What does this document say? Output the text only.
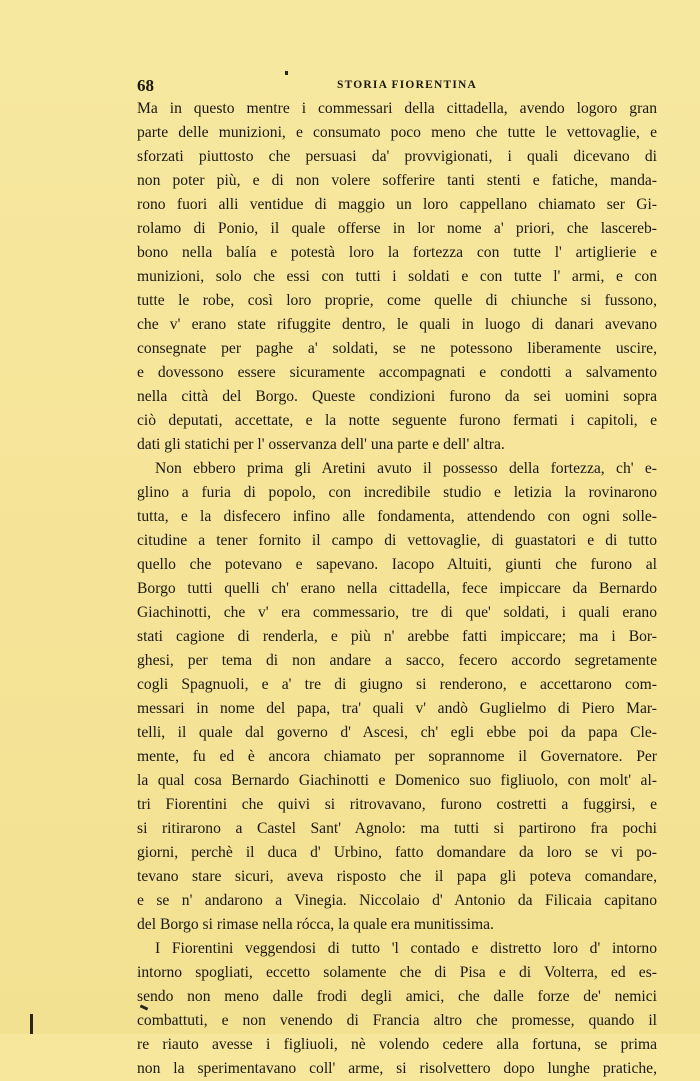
68	STORIA FIORENTINA
Ma in questo mentre i commessari della cittadella, avendo logoro gran
parte delle munizioni, e consumato poco meno che tutte le vettovaglie, e
sforzati piuttosto che persuasi da' provvigionati, i quali dicevano di
non poter più, e di non volere sofferire tanti stenti e fatiche, manda-
rono fuori alli ventidue di maggio un loro cappellano chiamato ser Gi-
rolamo di Ponio, il quale offerse in lor nome a' priori, che lascereb-
bono nella balía e potestà loro la fortezza con tutte l' artiglierie e
munizioni, solo che essi con tutti i soldati e con tutte l' armi, e con
tutte le robe, così loro proprie, come quelle di chiunche si fussono,
che v' erano state rifuggite dentro, le quali in luogo di danari avevano
consegnate per paghe a' soldati, se ne potessono liberamente uscire,
e dovessono essere sicuramente accompagnati e condotti a salvamento
nella città del Borgo. Queste condizioni furono da sei uomini sopra
ciò deputati, accettate, e la notte seguente furono fermati i capitoli, e
dati gli statichi per l' osservanza dell' una parte e dell' altra.
Non ebbero prima gli Aretini avuto il possesso della fortezza, ch' e-
glino a furia di popolo, con incredibile studio e letizia la rovinarono
tutta, e la disfecero infino alle fondamenta, attendendo con ogni solle-
citudine a tener fornito il campo di vettovaglie, di guastatori e di tutto
quello che potevano e sapevano. Iacopo Altuiti, giunti che furono al
Borgo tutti quelli ch' erano nella cittadella, fece impiccare da Bernardo
Giachinotti, che v' era commessario, tre di que' soldati, i quali erano
stati cagione di renderla, e più n' arebbe fatti impiccare; ma i Bor-
ghesi, per tema di non andare a sacco, fecero accordo segretamente
cogli Spagnuoli, e a' tre di giugno si renderono, e accettarono com-
messari in nome del papa, tra' quali v' andò Guglielmo di Piero Mar-
telli, il quale dal governo d' Ascesi, ch' egli ebbe poi da papa Cle-
mente, fu ed è ancora chiamato per soprannome il Governatore. Per
la qual cosa Bernardo Giachinotti e Domenico suo figliuolo, con molt' al-
tri Fiorentini che quivi si ritrovavano, furono costretti a fuggirsi, e
si ritirarono a Castel Sant' Agnolo: ma tutti si partirono fra pochi
giorni, perchè il duca d' Urbino, fatto domandare da loro se vi po-
tevano stare sicuri, aveva risposto che il papa gli poteva comandare,
e se n' andarono a Vinegia. Niccolaio d' Antonio da Filicaia capitano
del Borgo si rimase nella rócca, la quale era munitissima.
I Fiorentini veggendosi di tutto 'l contado e distretto loro d' intorno
intorno spogliati, eccetto solamente che di Pisa e di Volterra, ed es-
sendo non meno dalle frodi degli amici, che dalle forze de' nemici
combattuti, e non venendo di Francia altro che promesse, quando il
re riauto avesse i figliuoli, nè volendo cedere alla fortuna, se prima
non la sperimentavano coll' arme, si risolvettero dopo lunghe pratiche,
